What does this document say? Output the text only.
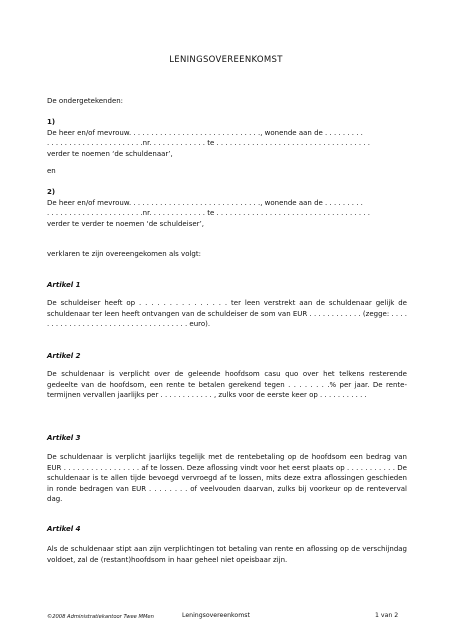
LENINGSOVEREENKOMST
De ondergetekenden:

1)

De heer en/of mevrouw. . . . . . . . . . . . . . . . . . . . . . . . . . . . . ., wonende aan de . . . . . . . . .

. . . . . . . . . . . . . . . . . . . . . .nr. . . . . . . . . . . . . te . . . . . . . . . . . . . . . . . . . . . . . . . . . . . . . . . . .

verder te noemen ‘de schuldenaar’,

en

2)

De heer en/of mevrouw. . . . . . . . . . . . . . . . . . . . . . . . . . . . . ., wonende aan de . . . . . . . . .

. . . . . . . . . . . . . . . . . . . . . .nr. . . . . . . . . . . . . te . . . . . . . . . . . . . . . . . . . . . . . . . . . . . . . . . . .

verder te verder te noemen ‘de schuldeiser’,

verklaren te zijn overeengekomen als volgt:
Artikel 1
De schuldeiser heeft op . . . . . . . . . . . . . . . ter leen verstrekt aan de schuldenaar gelijk de schuldenaar ter leen heeft ontvangen van de schuldeiser de som van EUR . . . . . . . . . . . . (zegge: . . . . . . . . . . . . . . . . . . . . . . . . . . . . . . . . . . . . euro).
Artikel 2
De schuldenaar is verplicht over de geleende hoofdsom casu quo over het telkens resterende gedeelte van de hoofdsom, een rente te betalen gerekend tegen . . . . . . . .% per jaar. De rente-termijnen vervallen jaarlijks per . . . . . . . . . . . . , zulks voor de eerste keer op . . . . . . . . . . .
Artikel 3
De schuldenaar is verplicht jaarlijks tegelijk met de rentebetaling op de hoofdsom een bedrag van EUR . . . . . . . . . . . . . . . . . af te lossen. Deze aflossing vindt voor het eerst plaats op . . . . . . . . . . . De schuldenaar is te allen tijde bevoegd vervroegd af te lossen, mits deze extra aflossingen geschieden in ronde bedragen van EUR . . . . . . . . of veelvouden daarvan, zulks bij voorkeur op de renteverval dag.
Artikel 4
Als de schuldenaar stipt aan zijn verplichtingen tot betaling van rente en aflossing op de verschijndag voldoet, zal de (restant)hoofdsom in haar geheel niet opeisbaar zijn.
©2008 Administratiekantoor Twee MMen	Leningsovereenkomst	1 van 2
